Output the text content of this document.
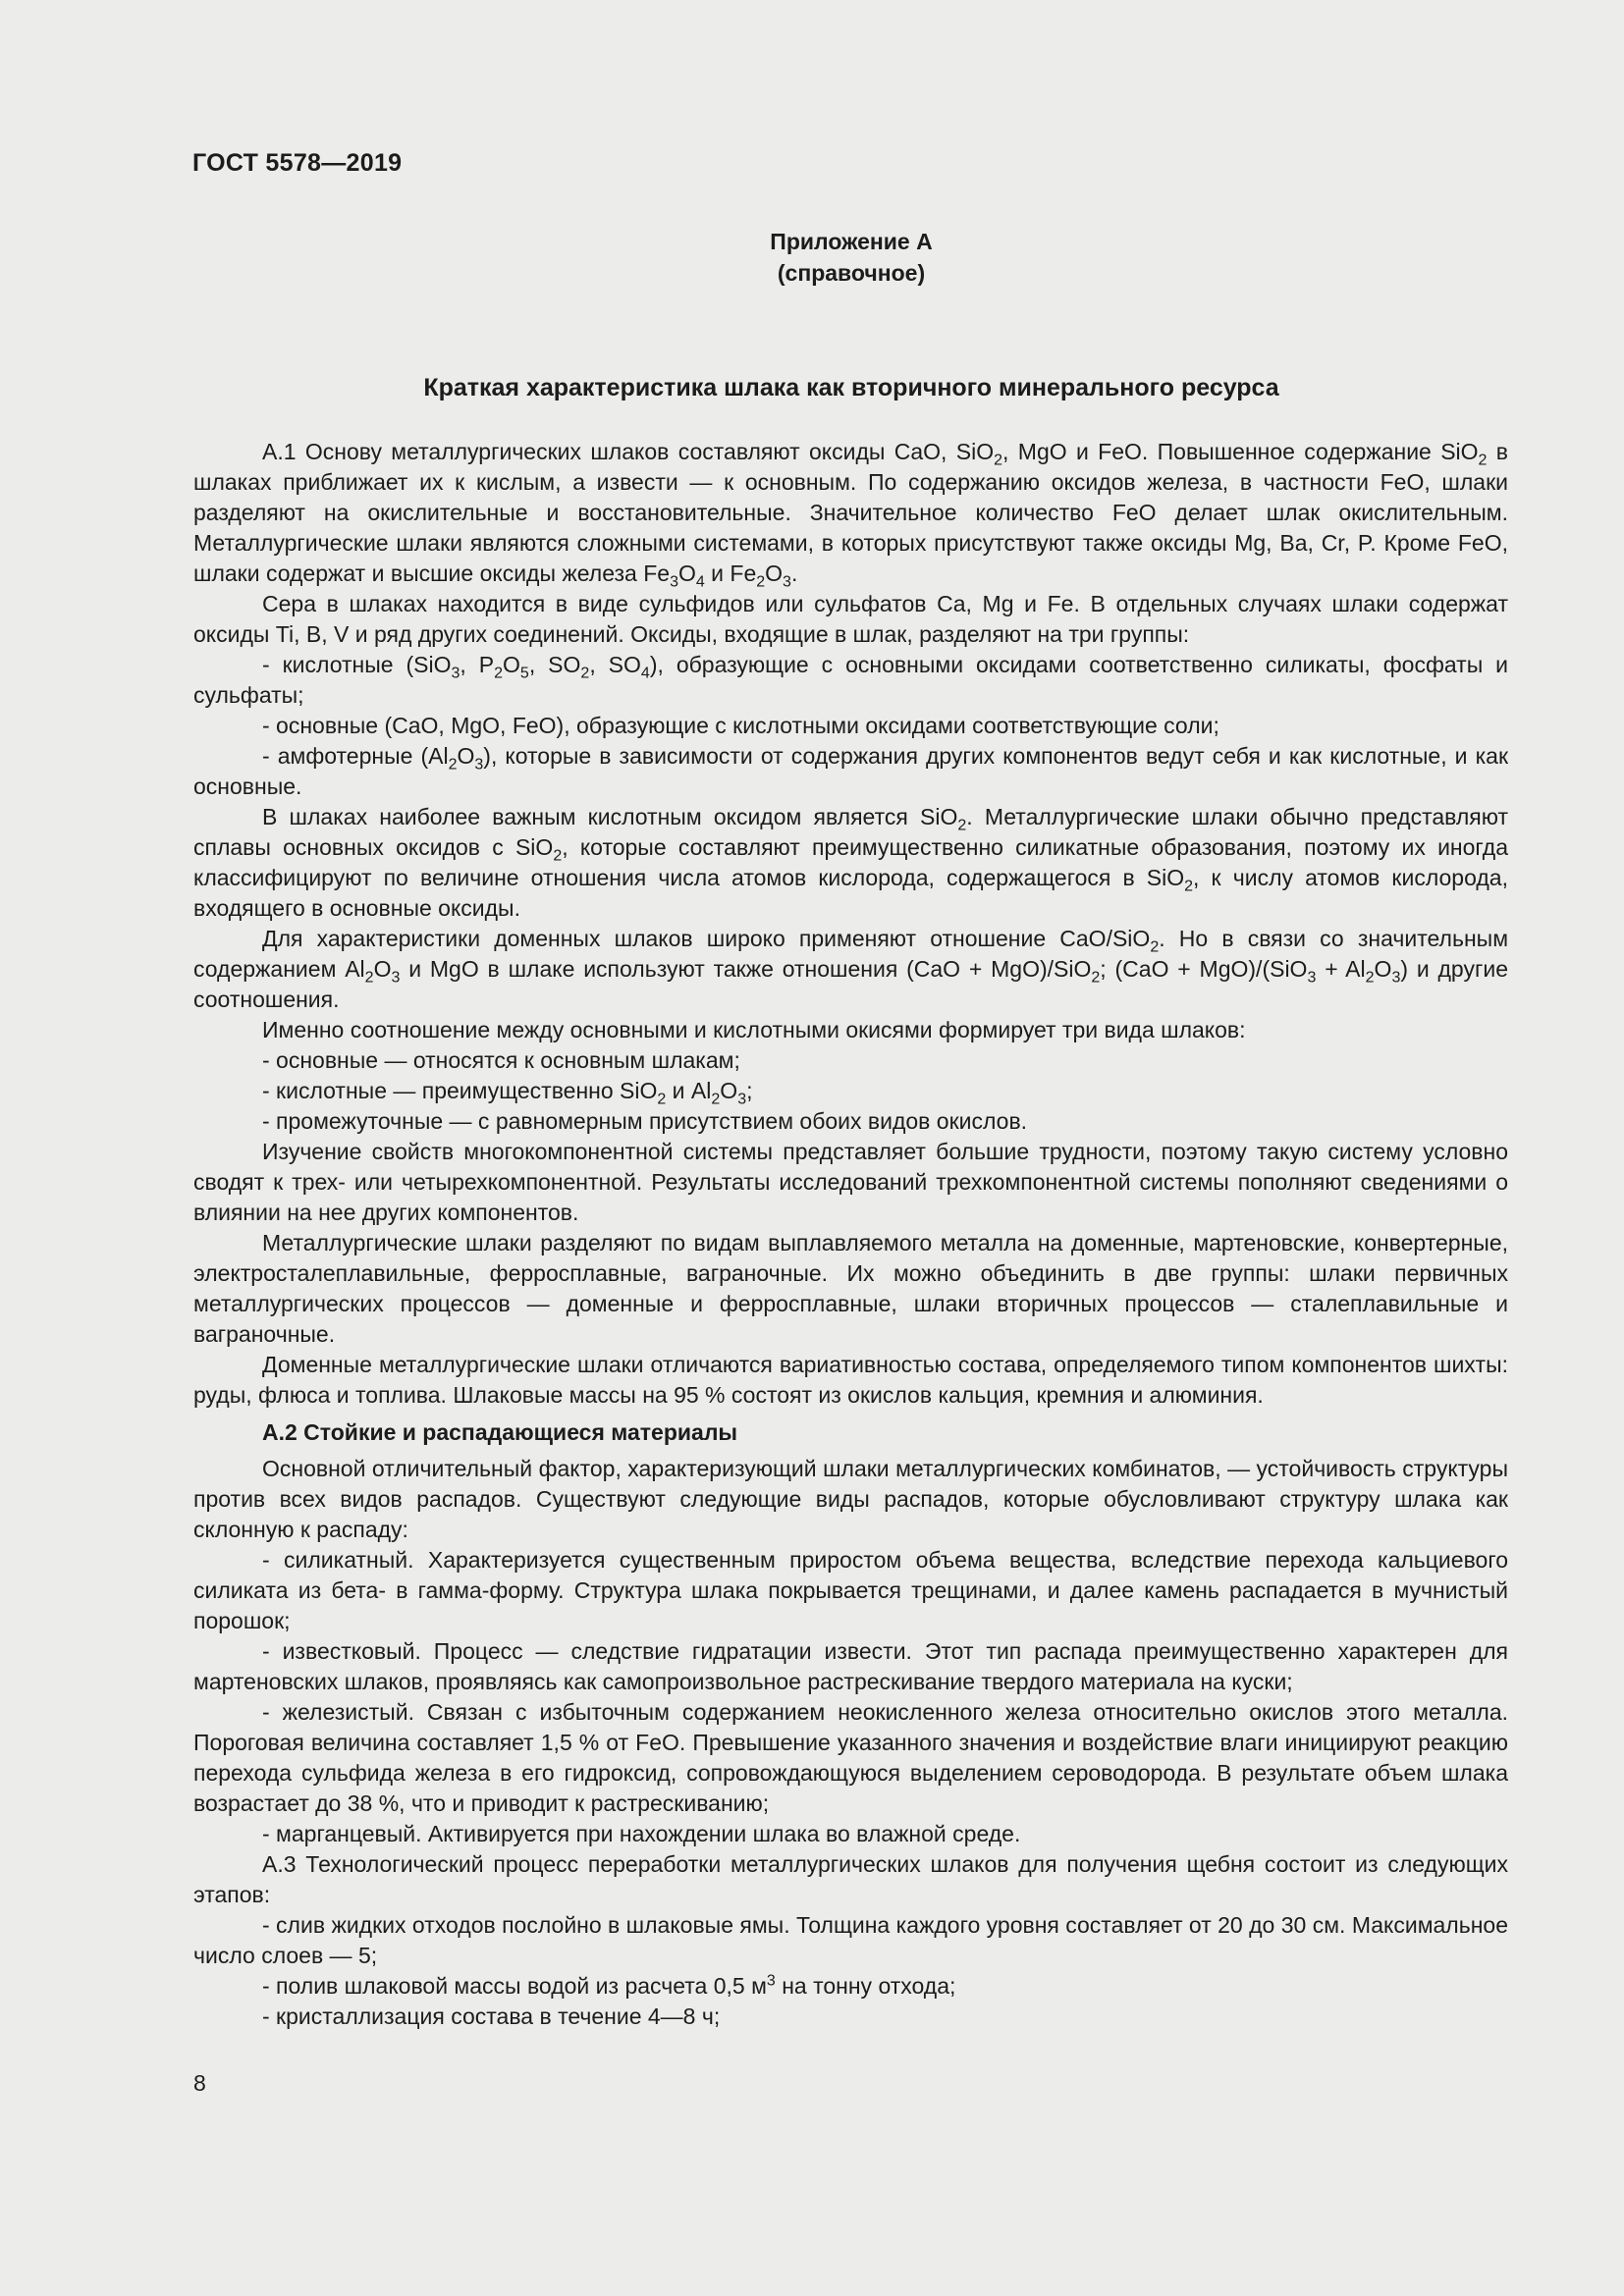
ГОСТ 5578—2019
Приложение А
(справочное)
Краткая характеристика шлака как вторичного минерального ресурса

А.1 Основу металлургических шлаков составляют оксиды CaO, SiO$_2$, MgO и FeO. Повышенное содержание SiO$_2$ в шлаках приближает их к кислым, а извести — к основным. По содержанию оксидов железа, в частности FeO, шлаки разделяют на окислительные и восстановительные. Значительное количество FeO делает шлак окислительным. Металлургические шлаки являются сложными системами, в которых присутствуют также оксиды Mg, Ba, Cr, P. Кроме FeO, шлаки содержат и высшие оксиды железа $Fe_3O_4$ и $Fe_2O_3$.

Сера в шлаках находится в виде сульфидов или сульфатов Ca, Mg и Fe. В отдельных случаях шлаки содержат оксиды Ti, B, V и ряд других соединений. Оксиды, входящие в шлак, разделяют на три группы:

- кислотные (SiO$_3$, $P_2O_5$, $SO_2$, $SO_4$), образующие с основными оксидами соответственно силикаты, фосфаты и сульфаты;

- основные (CaO, MgO, FeO), образующие с кислотными оксидами соответствующие соли;

- амфотерные $(Al_2O_3)$, которые в зависимости от содержания других компонентов ведут себя и как кислотные, и как основные.

В шлаках наиболее важным кислотным оксидом является SiO$_2$. Металлургические шлаки обычно представляют сплавы основных оксидов с SiO$_2$, которые составляют преимущественно силикатные образования, поэтому их иногда классифицируют по величине отношения числа атомов кислорода, содержащегося в SiO$_2$, к числу атомов кислорода, входящего в основные оксиды.

Для характеристики доменных шлаков широко применяют отношение CaO/SiO$_2$. Но в связи со значительным содержанием $Al_2O_3$ и MgO в шлаке используют также отношения (CaO + MgO)/SiO$_2$; $(CaO + MgO)/(SiO_3 + Al_2O_3)$ и другие соотношения.

Именно соотношение между основными и кислотными окисями формирует три вида шлаков:

- основные — относятся к основным шлакам;

- кислотные — преимущественно SiO$_2$ и $Al_2O_3$;

- промежуточные — с равномерным присутствием обоих видов окислов.

Изучение свойств многокомпонентной системы представляет большие трудности, поэтому такую систему условно сводят к трех- или четырехкомпонентной. Результаты исследований трехкомпонентной системы пополняют сведениями о влиянии на нее других компонентов.

Металлургические шлаки разделяют по видам выплавляемого металла на доменные, мартеновские, конвертерные, электросталеплавильные, ферросплавные, ваграночные. Их можно объединить в две группы: шлаки первичных металлургических процессов — доменные и ферросплавные, шлаки вторичных процессов — сталеплавильные и ваграночные.

Доменные металлургические шлаки отличаются вариативностью состава, определяемого типом компонентов шихты: руды, флюса и топлива. Шлаковые массы на 95 % состоят из окислов кальция, кремния и алюминия.

А.2 Стойкие и распадающиеся материалы

Основной отличительный фактор, характеризующий шлаки металлургических комбинатов, — устойчивость структуры против всех видов распадов. Существуют следующие виды распадов, которые обусловливают структуру шлака как склонную к распаду:

- силикатный. Характеризуется существенным приростом объема вещества, вследствие перехода кальциевого силиката из бета- в гамма-форму. Структура шлака покрывается трещинами, и далее камень распадается в мучнистый порошок;

- известковый. Процесс — следствие гидратации извести. Этот тип распада преимущественно характерен для мартеновских шлаков, проявляясь как самопроизвольное растрескивание твердого материала на куски;

- железистый. Связан с избыточным содержанием неокисленного железа относительно окислов этого металла. Пороговая величина составляет 1,5 % от FeO. Превышение указанного значения и воздействие влаги инициируют реакцию перехода сульфида железа в его гидроксид, сопровождающуюся выделением сероводорода. В результате объем шлака возрастает до 38 %, что и приводит к растрескиванию;

- марганцевый. Активируется при нахождении шлака во влажной среде.

А.3 Технологический процесс переработки металлургических шлаков для получения щебня состоит из следующих этапов:

- слив жидких отходов послойно в шлаковые ямы. Толщина каждого уровня составляет от 20 до 30 см. Максимальное число слоев — 5;

- полив шлаковой массы водой из расчета 0,5 $м^3$ на тонну отхода;

- кристаллизация состава в течение 4—8 ч;

8
